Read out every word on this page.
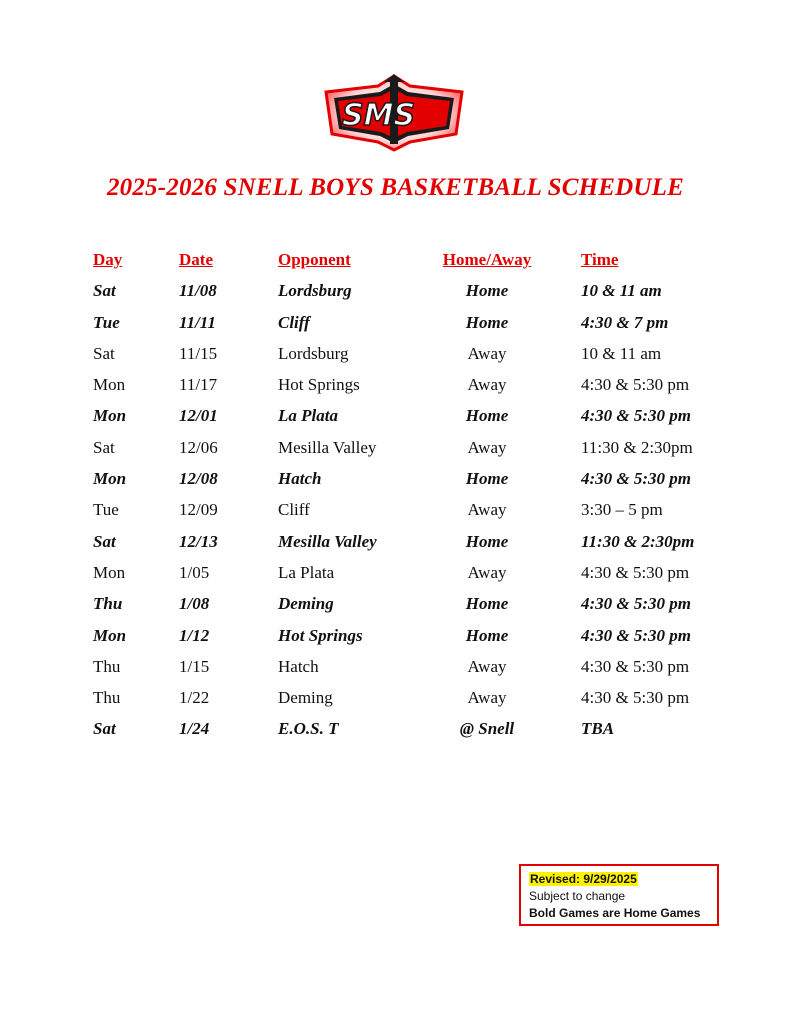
SMS
2025-2026 SNELL BOYS BASKETBALL SCHEDULE
Day	Date	Opponent	Home/Away	Time
Sat	11/08	Lordsburg	Home	10 & 11 am
Tue	11/11	Cliff	Home	4:30 & 7 pm
Sat	11/15	Lordsburg	Away	10 & 11 am
Mon	11/17	Hot Springs	Away	4:30 & 5:30 pm
Mon	12/01	La Plata	Home	4:30 & 5:30 pm
Sat	12/06	Mesilla Valley	Away	11:30 & 2:30pm
Mon	12/08	Hatch	Home	4:30 & 5:30 pm
Tue	12/09	Cliff	Away	3:30 – 5 pm
Sat	12/13	Mesilla Valley	Home	11:30 & 2:30pm
Mon	1/05	La Plata	Away	4:30 & 5:30 pm
Thu	1/08	Deming	Home	4:30 & 5:30 pm
Mon	1/12	Hot Springs	Home	4:30 & 5:30 pm
Thu	1/15	Hatch	Away	4:30 & 5:30 pm
Thu	1/22	Deming	Away	4:30 & 5:30 pm
Sat	1/24	E.O.S. T	@ Snell	TBA
Revised: 9/29/2025
Subject to change
Bold Games are Home Games
